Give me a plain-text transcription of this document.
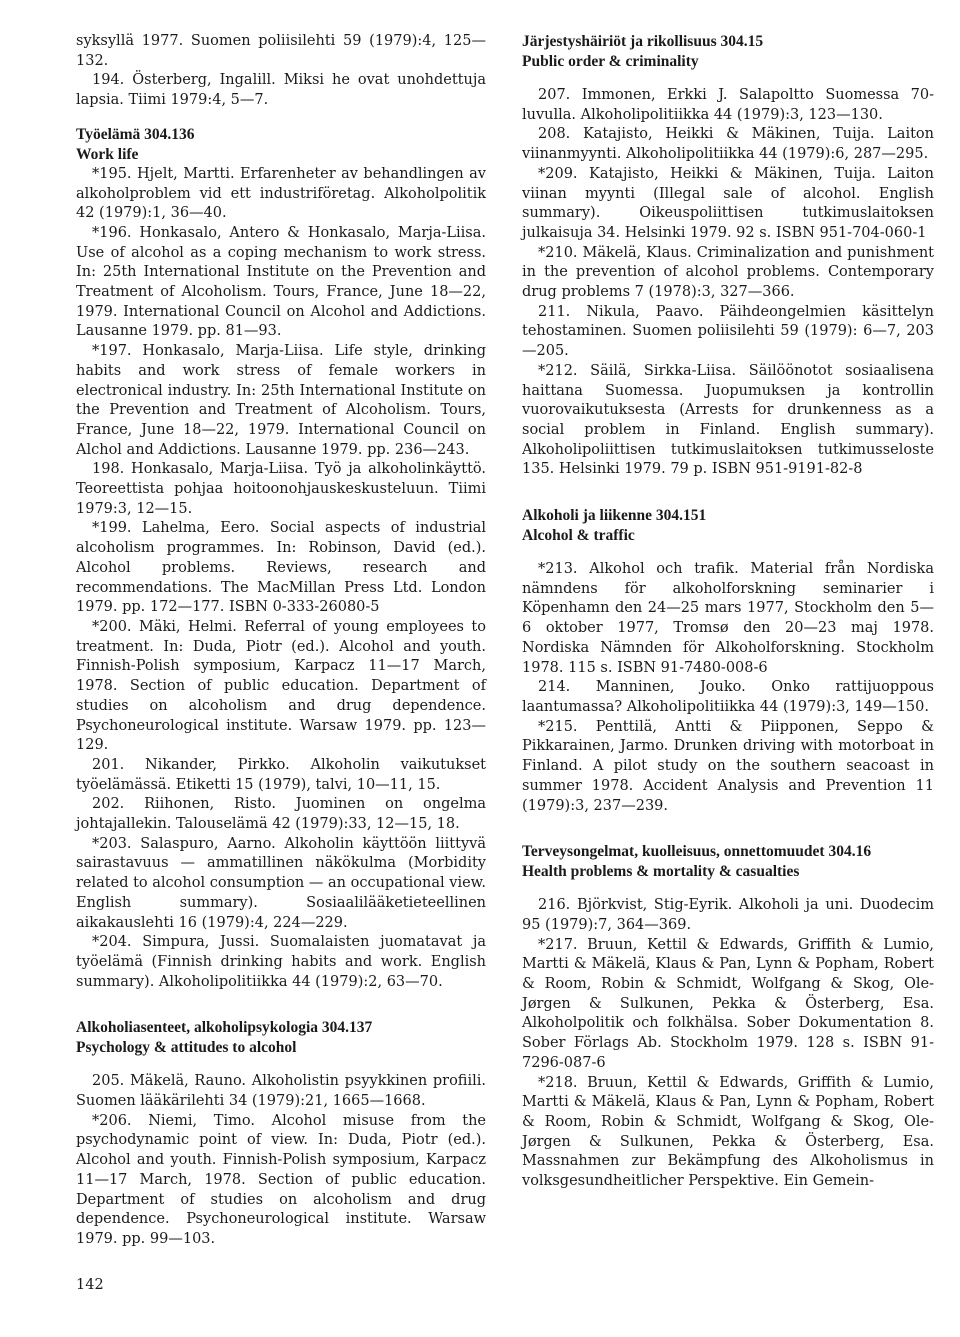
syksyllä 1977. Suomen poliisilehti 59 (1979):4, 125—132.

194. Österberg, Ingalill. Miksi he ovat unohdettuja lapsia. Tiimi 1979:4, 5—7.

Työelämä 304.136
Work life

*195. Hjelt, Martti. Erfarenheter av behandlingen av alkoholproblem vid ett industriföretag. Alkoholpolitik 42 (1979):1, 36—40.

*196. Honkasalo, Antero & Honkasalo, Marja-Liisa. Use of alcohol as a coping mechanism to work stress. In: 25th International Institute on the Prevention and Treatment of Alcoholism. Tours, France, June 18—22, 1979. International Council on Alcohol and Addictions. Lausanne 1979. pp. 81—93.

*197. Honkasalo, Marja-Liisa. Life style, drinking habits and work stress of female workers in electronical industry. In: 25th International Institute on the Prevention and Treatment of Alcoholism. Tours, France, June 18—22, 1979. International Council on Alchol and Addictions. Lausanne 1979. pp. 236—243.

198. Honkasalo, Marja-Liisa. Työ ja alkoholinkäyttö. Teoreettista pohjaa hoitoonohjauskeskusteluun. Tiimi 1979:3, 12—15.

*199. Lahelma, Eero. Social aspects of industrial alcoholism programmes. In: Robinson, David (ed.). Alcohol problems. Reviews, research and recommendations. The MacMillan Press Ltd. London 1979. pp. 172—177. ISBN 0-333-26080-5

*200. Mäki, Helmi. Referral of young employees to treatment. In: Duda, Piotr (ed.). Alcohol and youth. Finnish-Polish symposium, Karpacz 11—17 March, 1978. Section of public education. Department of studies on alcoholism and drug dependence. Psychoneurological institute. Warsaw 1979. pp. 123—129.

201. Nikander, Pirkko. Alkoholin vaikutukset työelämässä. Etiketti 15 (1979), talvi, 10—11, 15.

202. Riihonen, Risto. Juominen on ongelma johtajallekin. Talouselämä 42 (1979):33, 12—15, 18.

*203. Salaspuro, Aarno. Alkoholin käyttöön liittyvä sairastavuus — ammatillinen näkökulma (Morbidity related to alcohol consumption — an occupational view. English summary). Sosiaalilääketieteellinen aikakauslehti 16 (1979):4, 224—229.

*204. Simpura, Jussi. Suomalaisten juomatavat ja työelämä (Finnish drinking habits and work. English summary). Alkoholipolitiikka 44 (1979):2, 63—70.

Alkoholiasenteet, alkoholipsykologia 304.137
Psychology & attitudes to alcohol

205. Mäkelä, Rauno. Alkoholistin psyykkinen profiili. Suomen lääkärilehti 34 (1979):21, 1665—1668.

*206. Niemi, Timo. Alcohol misuse from the psychodynamic point of view. In: Duda, Piotr (ed.). Alcohol and youth. Finnish-Polish symposium, Karpacz 11—17 March, 1978. Section of public education. Department of studies on alcoholism and drug dependence. Psychoneurological institute. Warsaw 1979. pp. 99—103.

Järjestyshäiriöt ja rikollisuus 304.15
Public order & criminality

207. Immonen, Erkki J. Salapoltto Suomessa 70-luvulla. Alkoholipolitiikka 44 (1979):3, 123—130.

208. Katajisto, Heikki & Mäkinen, Tuija. Laiton viinanmyynti. Alkoholipolitiikka 44 (1979):6, 287—295.

*209. Katajisto, Heikki & Mäkinen, Tuija. Laiton viinan myynti (Illegal sale of alcohol. English summary). Oikeuspoliittisen tutkimuslaitoksen julkaisuja 34. Helsinki 1979. 92 s. ISBN 951-704-060-1

*210. Mäkelä, Klaus. Criminalization and punishment in the prevention of alcohol problems. Contemporary drug problems 7 (1978):3, 327—366.

211. Nikula, Paavo. Päihdeongelmien käsittelyn tehostaminen. Suomen poliisilehti 59 (1979): 6—7, 203—205.

*212. Säilä, Sirkka-Liisa. Säilöönotot sosiaalisena haittana Suomessa. Juopumuksen ja kontrollin vuorovaikutuksesta (Arrests for drunkenness as a social problem in Finland. English summary). Alkoholipoliittisen tutkimuslaitoksen tutkimusseloste 135. Helsinki 1979. 79 p. ISBN 951-9191-82-8

Alkoholi ja liikenne 304.151
Alcohol & traffic

*213. Alkohol och trafik. Material från Nordiska nämndens för alkoholforskning seminarier i Köpenhamn den 24—25 mars 1977, Stockholm den 5—6 oktober 1977, Tromsø den 20—23 maj 1978. Nordiska Nämnden för Alkoholforskning. Stockholm 1978. 115 s. ISBN 91-7480-008-6

214. Manninen, Jouko. Onko rattijuoppous laantumassa? Alkoholipolitiikka 44 (1979):3, 149—150.

*215. Penttilä, Antti & Piipponen, Seppo & Pikkarainen, Jarmo. Drunken driving with motorboat in Finland. A pilot study on the southern seacoast in summer 1978. Accident Analysis and Prevention 11 (1979):3, 237—239.

Terveysongelmat, kuolleisuus, onnettomuudet 304.16
Health problems & mortality & casualties

216. Björkvist, Stig-Eyrik. Alkoholi ja uni. Duodecim 95 (1979):7, 364—369.

*217. Bruun, Kettil & Edwards, Griffith & Lumio, Martti & Mäkelä, Klaus & Pan, Lynn & Popham, Robert & Room, Robin & Schmidt, Wolfgang & Skog, Ole-Jørgen & Sulkunen, Pekka & Österberg, Esa. Alkoholpolitik och folkhälsa. Sober Dokumentation 8. Sober Förlags Ab. Stockholm 1979. 128 s. ISBN 91-7296-087-6

*218. Bruun, Kettil & Edwards, Griffith & Lumio, Martti & Mäkelä, Klaus & Pan, Lynn & Popham, Robert & Room, Robin & Schmidt, Wolfgang & Skog, Ole-Jørgen & Sulkunen, Pekka & Österberg, Esa. Massnahmen zur Bekämpfung des Alkoholismus in volksgesundheitlicher Perspektive. Ein Gemein-

142
